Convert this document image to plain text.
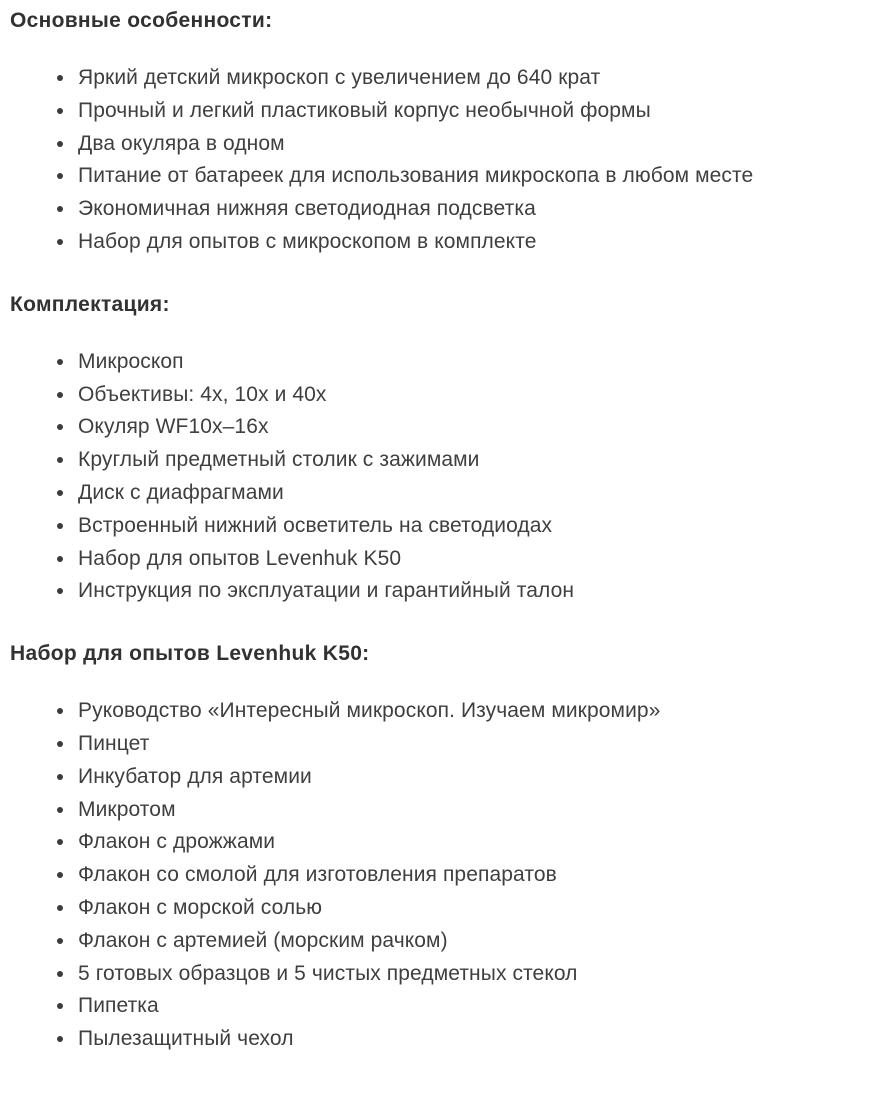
Основные особенности:
Яркий детский микроскоп с увеличением до 640 крат
Прочный и легкий пластиковый корпус необычной формы
Два окуляра в одном
Питание от батареек для использования микроскопа в любом месте
Экономичная нижняя светодиодная подсветка
Набор для опытов с микроскопом в комплекте
Комплектация:
Микроскоп
Объективы: 4х, 10х и 40х
Окуляр WF10x–16x
Круглый предметный столик с зажимами
Диск с диафрагмами
Встроенный нижний осветитель на светодиодах
Набор для опытов Levenhuk K50
Инструкция по эксплуатации и гарантийный талон
Набор для опытов Levenhuk K50:
Руководство «Интересный микроскоп. Изучаем микромир»
Пинцет
Инкубатор для артемии
Микротом
Флакон с дрожжами
Флакон со смолой для изготовления препаратов
Флакон с морской солью
Флакон с артемией (морским рачком)
5 готовых образцов и 5 чистых предметных стекол
Пипетка
Пылезащитный чехол
